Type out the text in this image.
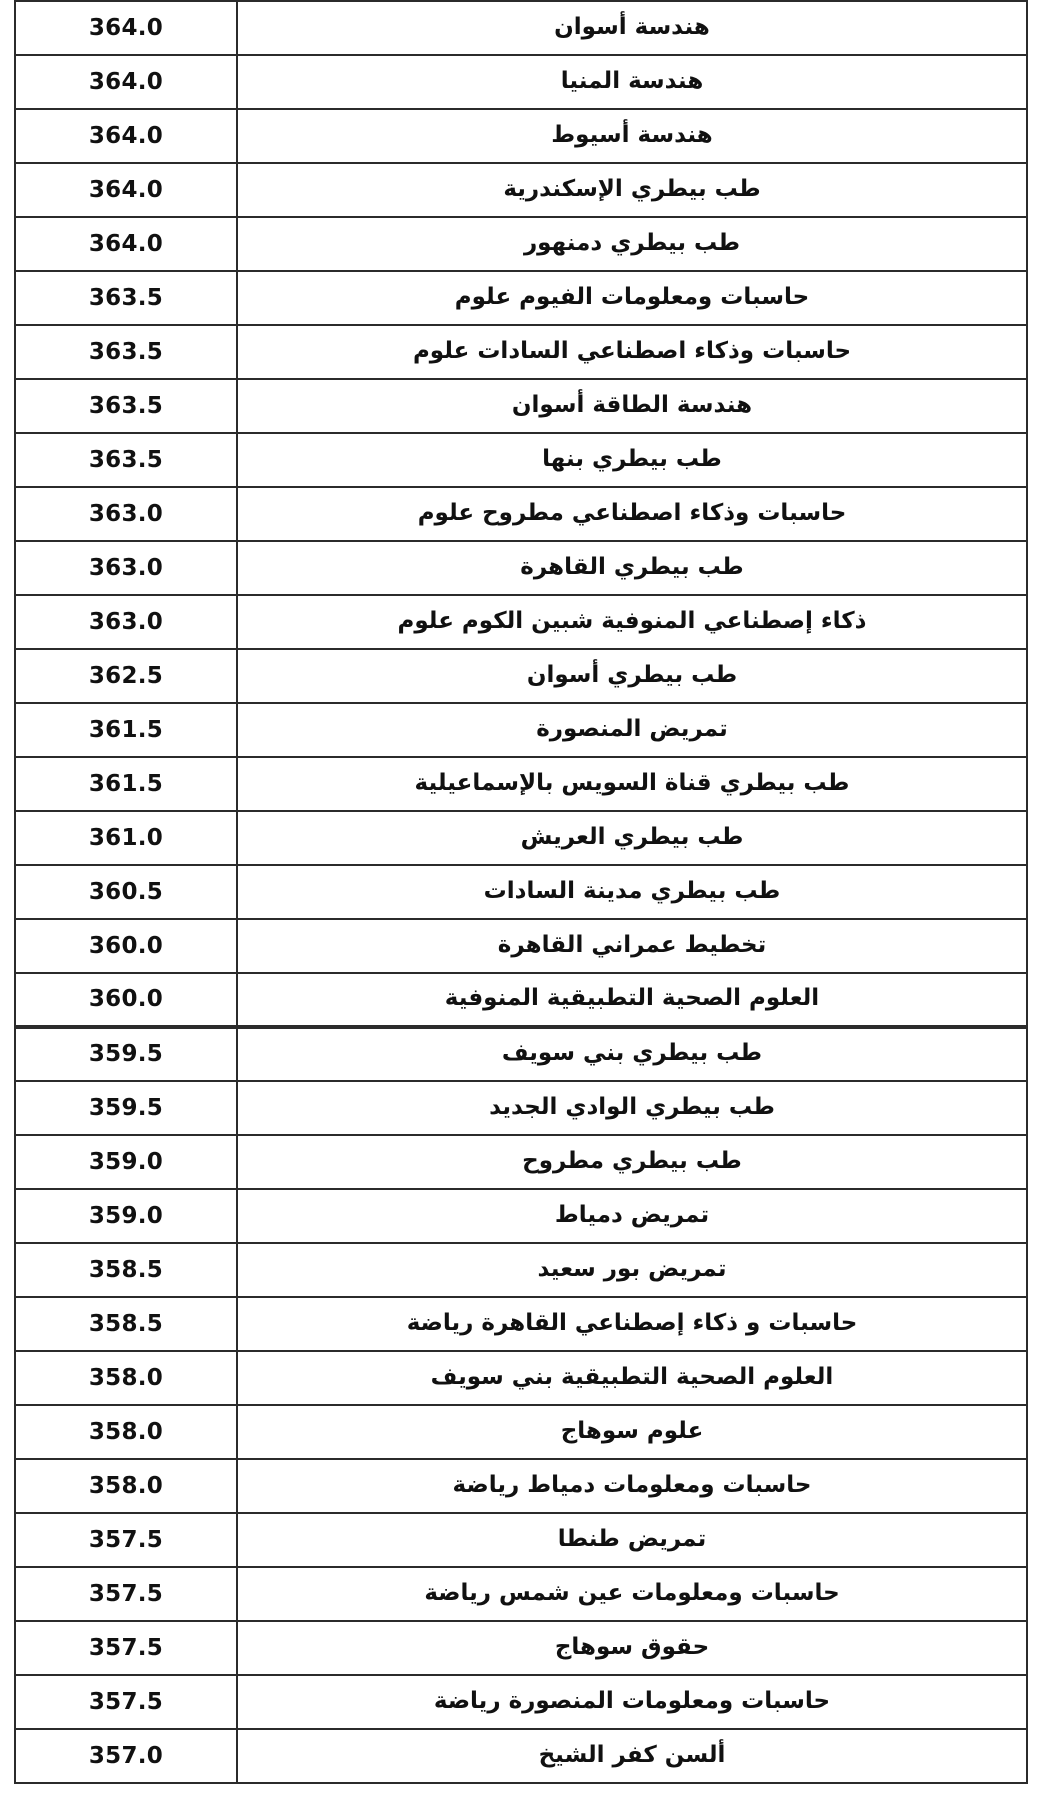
هندسة أسوان	364.0
هندسة المنيا	364.0
هندسة أسيوط	364.0
طب بيطري الإسكندرية	364.0
طب بيطري دمنهور	364.0
حاسبات ومعلومات الفيوم علوم	363.5
حاسبات وذكاء اصطناعي السادات علوم	363.5
هندسة الطاقة أسوان	363.5
طب بيطري بنها	363.5
حاسبات وذكاء اصطناعي مطروح علوم	363.0
طب بيطري القاهرة	363.0
ذكاء إصطناعي المنوفية شبين الكوم علوم	363.0
طب بيطري أسوان	362.5
تمريض المنصورة	361.5
طب بيطري قناة السويس بالإسماعيلية	361.5
طب بيطري العريش	361.0
طب بيطري مدينة السادات	360.5
تخطيط عمراني القاهرة	360.0
العلوم الصحية التطبيقية المنوفية	360.0
طب بيطري بني سويف	359.5
طب بيطري الوادي الجديد	359.5
طب بيطري مطروح	359.0
تمريض دمياط	359.0
تمريض بور سعيد	358.5
حاسبات و ذكاء إصطناعي القاهرة رياضة	358.5
العلوم الصحية التطبيقية بني سويف	358.0
علوم سوهاج	358.0
حاسبات ومعلومات دمياط رياضة	358.0
تمريض طنطا	357.5
حاسبات ومعلومات عين شمس رياضة	357.5
حقوق سوهاج	357.5
حاسبات ومعلومات المنصورة رياضة	357.5
ألسن كفر الشيخ	357.0
